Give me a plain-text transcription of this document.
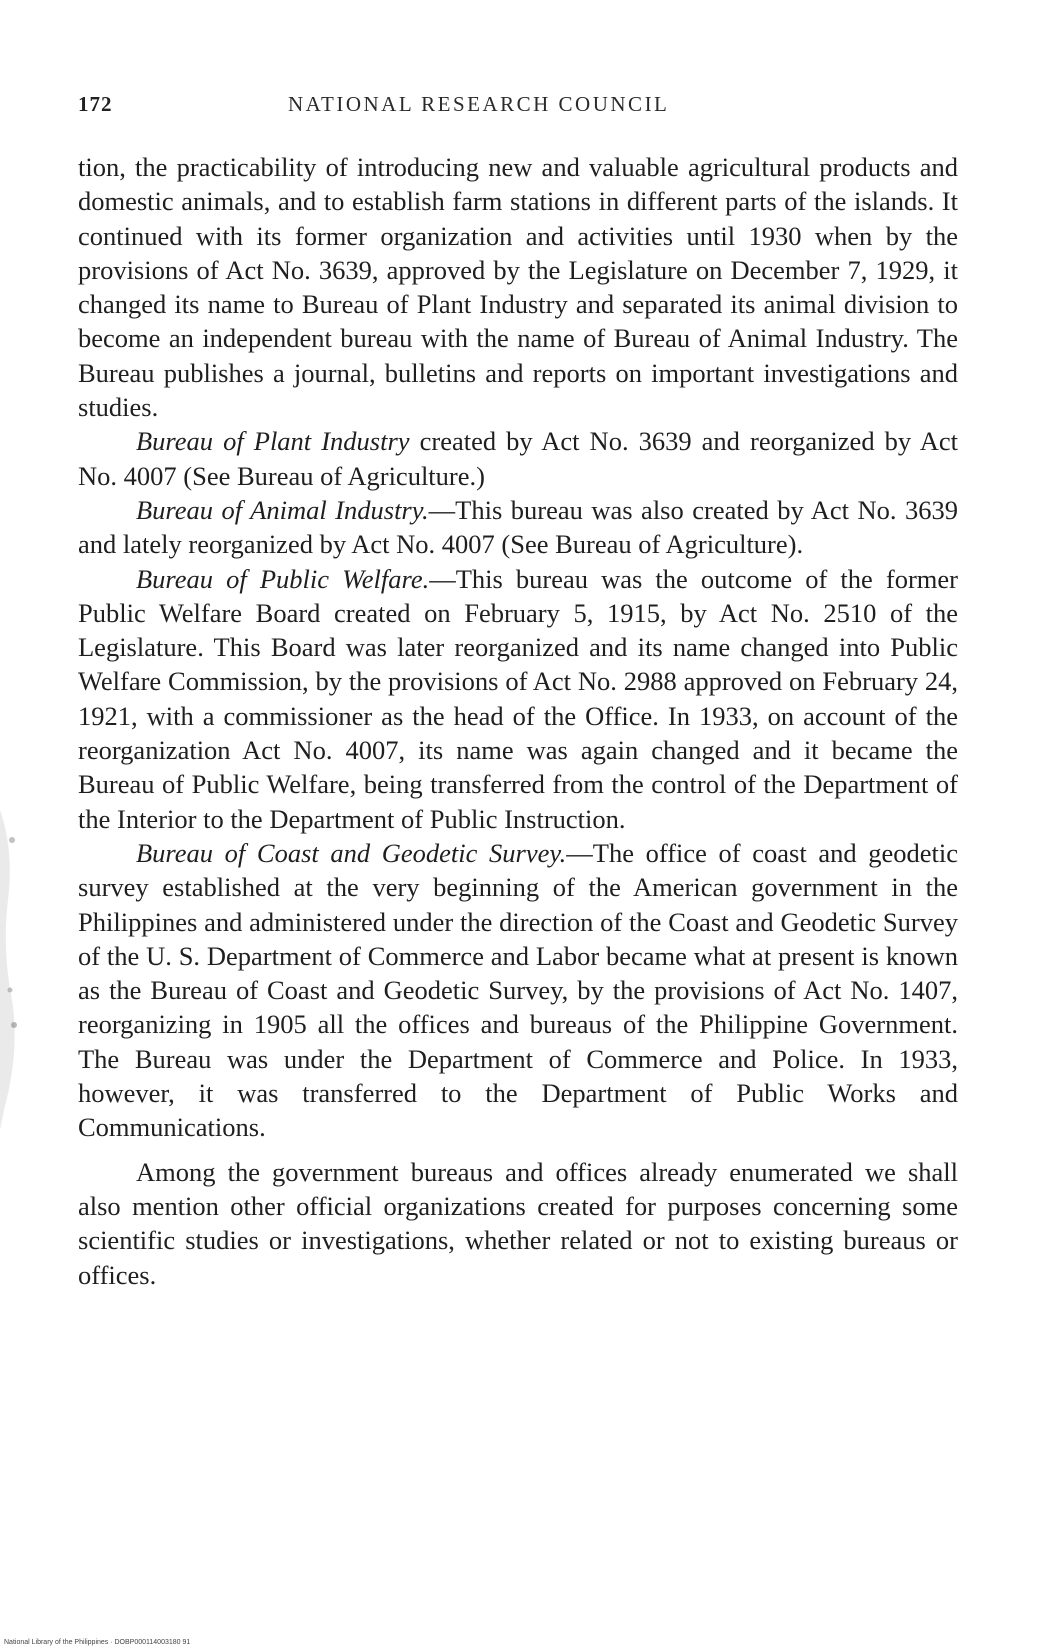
172	NATIONAL RESEARCH COUNCIL

tion, the practicability of introducing new and valuable agricultural products and domestic animals, and to establish farm stations in different parts of the islands. It continued with its former organization and activities until 1930 when by the provisions of Act No. 3639, approved by the Legislature on December 7, 1929, it changed its name to Bureau of Plant Industry and separated its animal division to become an independent bureau with the name of Bureau of Animal Industry. The Bureau publishes a journal, bulletins and reports on important investigations and studies.

Bureau of Plant Industry created by Act No. 3639 and reorganized by Act No. 4007 (See Bureau of Agriculture.)

Bureau of Animal Industry.—This bureau was also created by Act No. 3639 and lately reorganized by Act No. 4007 (See Bureau of Agriculture).

Bureau of Public Welfare.—This bureau was the outcome of the former Public Welfare Board created on February 5, 1915, by Act No. 2510 of the Legislature. This Board was later reorganized and its name changed into Public Welfare Commission, by the provisions of Act No. 2988 approved on February 24, 1921, with a commissioner as the head of the Office. In 1933, on account of the reorganization Act No. 4007, its name was again changed and it became the Bureau of Public Welfare, being transferred from the control of the Department of the Interior to the Department of Public Instruction.

Bureau of Coast and Geodetic Survey.—The office of coast and geodetic survey established at the very beginning of the American government in the Philippines and administered under the direction of the Coast and Geodetic Survey of the U. S. Department of Commerce and Labor became what at present is known as the Bureau of Coast and Geodetic Survey, by the provisions of Act No. 1407, reorganizing in 1905 all the offices and bureaus of the Philippine Government. The Bureau was under the Department of Commerce and Police. In 1933, however, it was transferred to the Department of Public Works and Communications.

Among the government bureaus and offices already enumerated we shall also mention other official organizations created for purposes concerning some scientific studies or investigations, whether related or not to existing bureaus or offices.

National Library of the Philippines · DOBP000114003180 91
